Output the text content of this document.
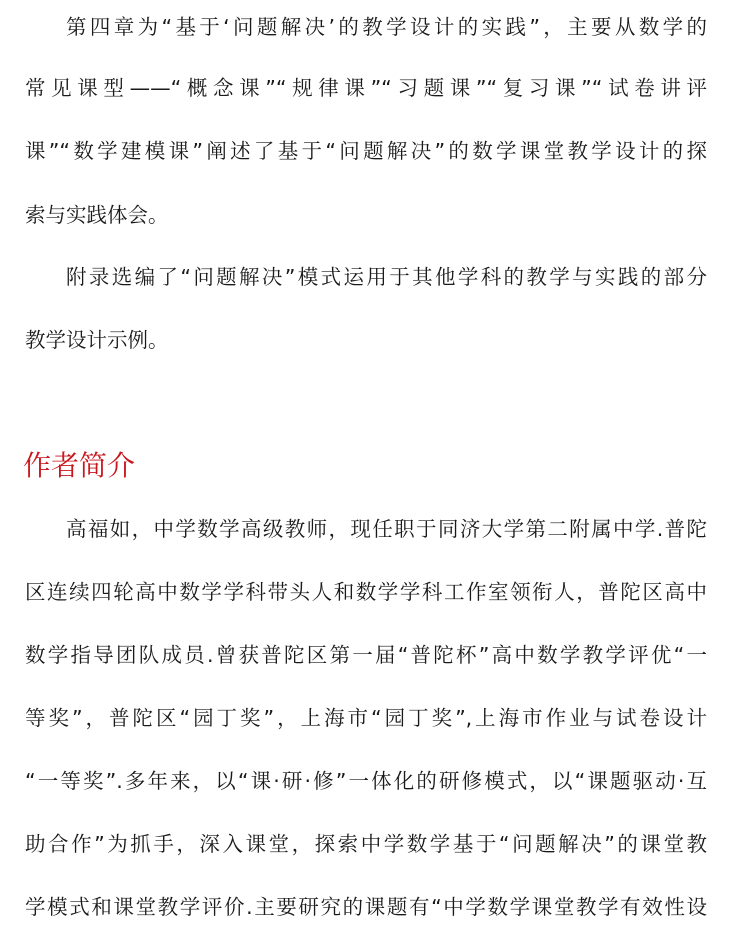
第四章为“基于‘问题解决’的教学设计的实践”，主要从数学的
常见课型——“概念课”“规律课”“习题课”“复习课”“试卷讲评
课”“数学建模课”阐述了基于“问题解决”的数学课堂教学设计的探
索与实践体会。
附录选编了“问题解决”模式运用于其他学科的教学与实践的部分
教学设计示例。
作者简介
高福如，中学数学高级教师，现任职于同济大学第二附属中学.普陀
区连续四轮高中数学学科带头人和数学学科工作室领衔人，普陀区高中
数学指导团队成员.曾获普陀区第一届“普陀杯”高中数学教学评优“一
等奖”，普陀区“园丁奖”，上海市“园丁奖”,上海市作业与试卷设计
“一等奖”.多年来，以“课·研·修”一体化的研修模式，以“课题驱动·互
助合作”为抓手，深入课堂，探索中学数学基于“问题解决”的课堂教
学模式和课堂教学评价.主要研究的课题有“中学数学课堂教学有效性设
